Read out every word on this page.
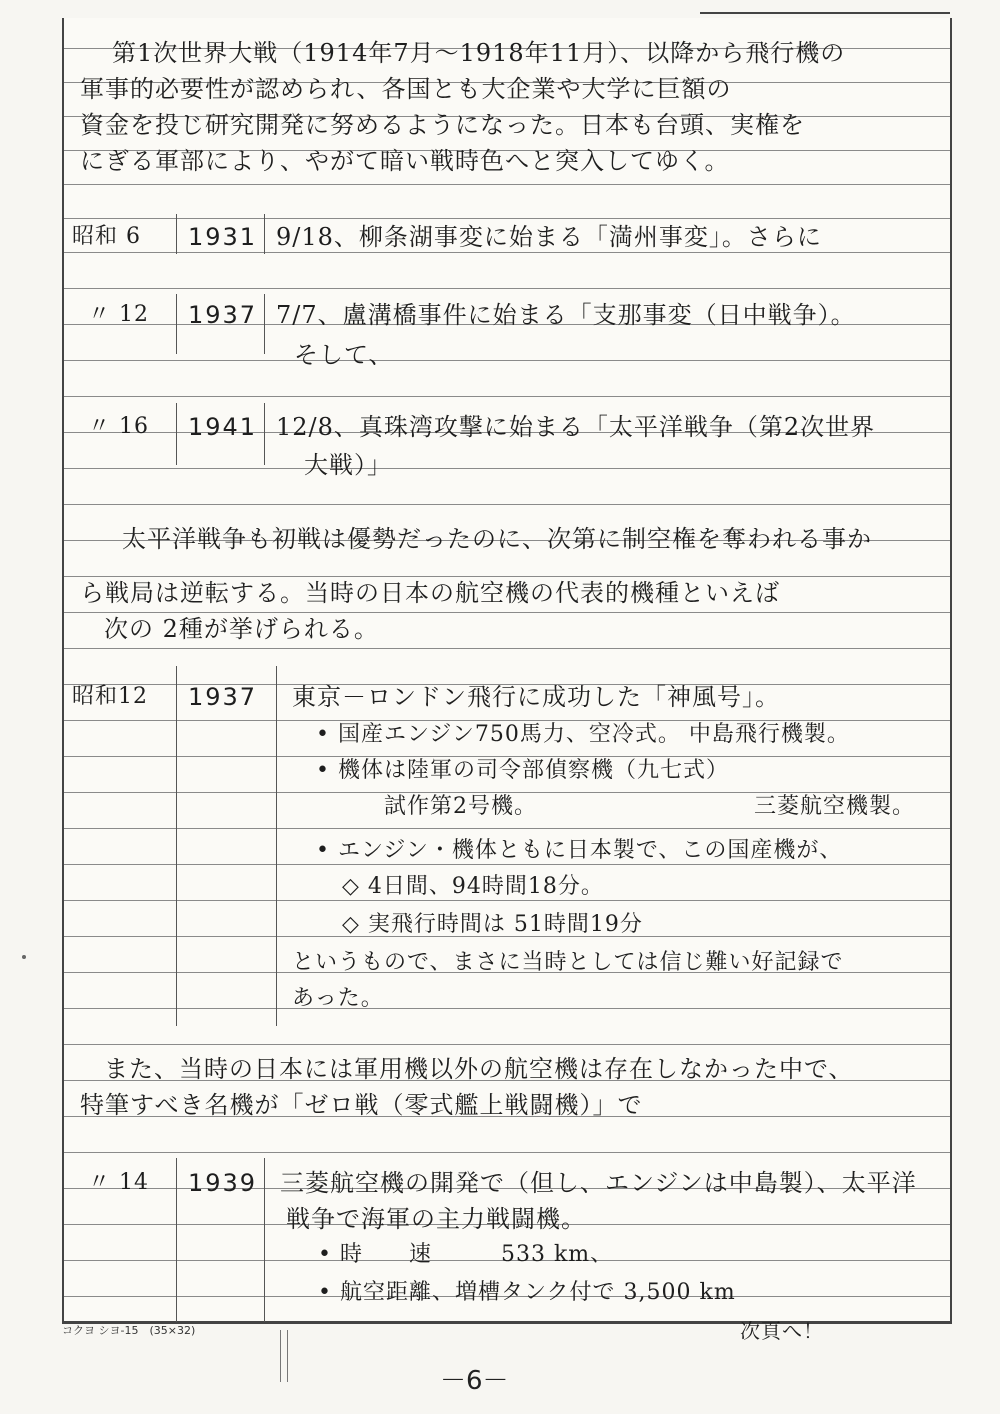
第1次世界大戦（1914年7月～1918年11月）、以降から飛行機の
軍事的必要性が認められ、各国とも大企業や大学に巨額の
資金を投じ研究開発に努めるようになった。日本も台頭、実権を
にぎる軍部により、やがて暗い戦時色へと突入してゆく。
昭和 6 1931 9/18、柳条湖事変に始まる「満州事変」。さらに
〃 12 1937 7/7、盧溝橋事件に始まる「支那事変（日中戦争）。
そして、
〃 16 1941 12/8、真珠湾攻撃に始まる「太平洋戦争（第2次世界
大戦）」
太平洋戦争も初戦は優勢だったのに、次第に制空権を奪われる事か
ら戦局は逆転する。当時の日本の航空機の代表的機種といえば
次の 2種が挙げられる。
昭和12 1937 東京－ロンドン飛行に成功した「神風号」。
• 国産エンジン750馬力、空冷式。 中島飛行機製。
• 機体は陸軍の司令部偵察機（九七式）
試作第2号機。	三菱航空機製。
• エンジン・機体ともに日本製で、この国産機が、
◇ 4日間、94時間18分。
◇ 実飛行時間は 51時間19分
というもので、まさに当時としては信じ難い好記録で
あった。
また、当時の日本には軍用機以外の航空機は存在しなかった中で、
特筆すべき名機が「ゼロ戦（零式艦上戦闘機）」で
〃 14 1939 三菱航空機の開発で（但し、エンジンは中島製）、太平洋
戦争で海軍の主力戦闘機。
• 時　　速　　　533 km、
• 航空距離、増槽タンク付で 3,500 km
次頁へ！
コクヨ シヨ-15　(35×32)
－6－
